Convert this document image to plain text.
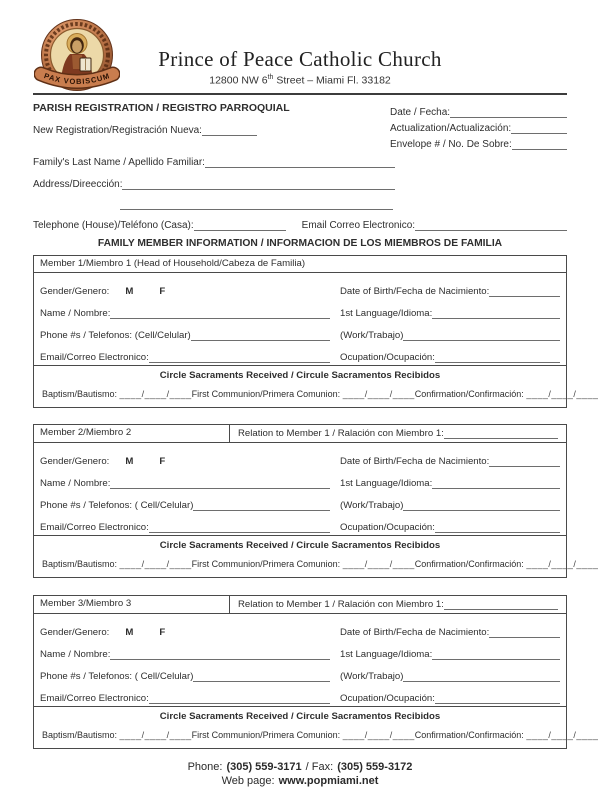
PAX VOBISCUM
Prince of Peace Catholic Church
12800 NW 6th Street – Miami Fl. 33182
Date / Fecha:
Actualization/Actualización:
Envelope # / No. De Sobre:
PARISH REGISTRATION / REGISTRO PARROQUIAL
New Registration/Registración Nueva:
Family's Last Name / Apellido Familiar:
Address/Direección:
Telephone (House)/Teléfono (Casa):	Email Correo Electronico:
FAMILY MEMBER INFORMATION / INFORMACION DE LOS MIEMBROS DE FAMILIA
Member 1/Miembro 1 (Head of Household/Cabeza de Familia)
Gender/Genero: M	F	Date of Birth/Fecha de Nacimiento:
Name / Nombre:	1st Language/Idioma:
Phone #s / Telefonos: (Cell/Celular)	(Work/Trabajo)
Email/Correo Electronico:	Ocupation/Ocupación:
Circle Sacraments Received / Circule Sacramentos Recibidos
Baptism/Bautismo: ____/____/____ First Communion/Primera Comunion: ____/____/____ Confirmation/Confirmación: ____/____/____
Member 2/Miembro 2	Relation to Member 1 / Ralación con Miembro 1:
Gender/Genero: M	F	Date of Birth/Fecha de Nacimiento:
Name / Nombre:	1st Language/Idioma:
Phone #s / Telefonos: ( Cell/Celular)	(Work/Trabajo)
Email/Correo Electronico:	Ocupation/Ocupación:
Circle Sacraments Received / Circule Sacramentos Recibidos
Baptism/Bautismo: ____/____/____ First Communion/Primera Comunion: ____/____/____ Confirmation/Confirmación: ____/____/____
Member 3/Miembro 3	Relation to Member 1 / Ralación con Miembro 1:
Gender/Genero: M	F	Date of Birth/Fecha de Nacimiento:
Name / Nombre:	1st Language/Idioma:
Phone #s / Telefonos: ( Cell/Celular)	(Work/Trabajo)
Email/Correo Electronico:	Ocupation/Ocupación:
Circle Sacraments Received / Circule Sacramentos Recibidos
Baptism/Bautismo: ____/____/____ First Communion/Primera Comunion: ____/____/____ Confirmation/Confirmación: ____/____/____
Phone: (305) 559-3171 / Fax: (305) 559-3172
Web page: www.popmiami.net
